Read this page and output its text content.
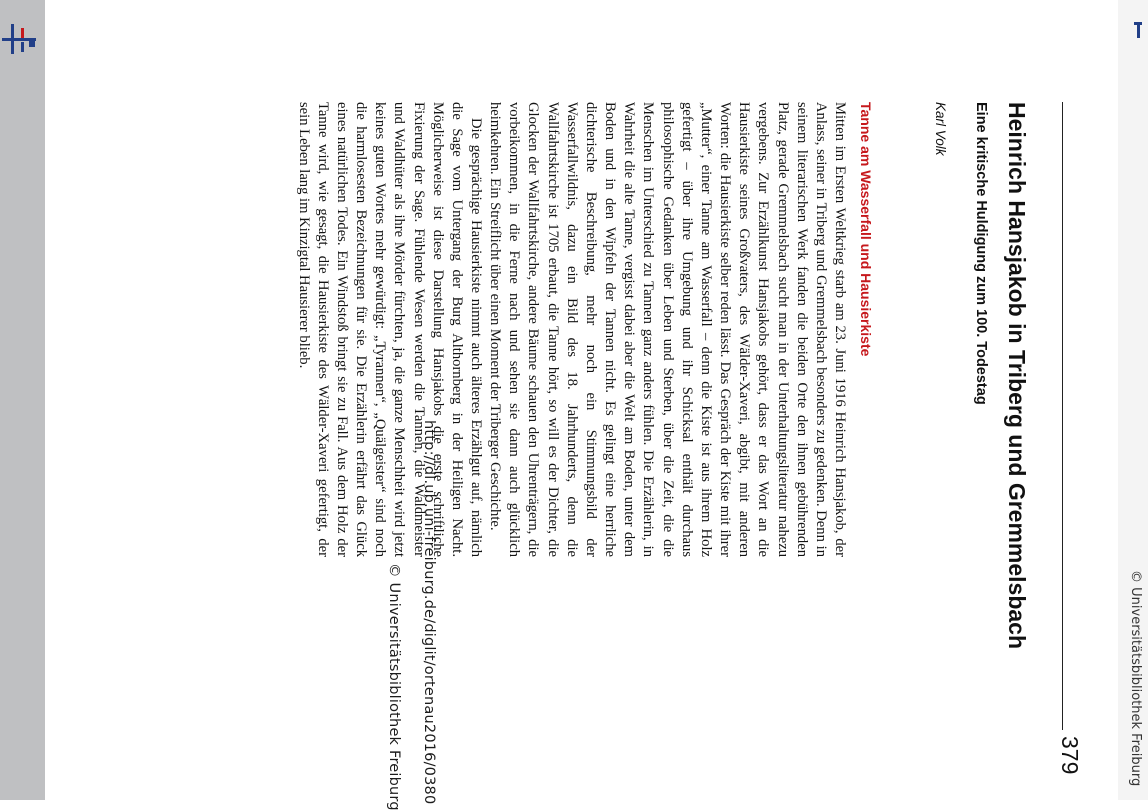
© Universitätsbibliothek Freiburg
http://dl.ub.uni-freiburg.de/diglit/ortenau2016/0380
© Universitätsbibliothek Freiburg	379
Heinrich Hansjakob in Triberg und Gremmelsbach
Eine kritische Huldigung zum 100. Todestag
Karl Volk
Tanne am Wasserfall und Hausierkiste

Mitten im Ersten Weltkrieg starb am 23. Juni 1916 Heinrich Hansjakob, der Anlass, seiner in Triberg und Gremmelsbach besonders zu gedenken. Denn in seinem literarischen Werk fanden die beiden Orte den ihnen gebührenden Platz, gerade Gremmelsbach sucht man in der Unterhaltungsliteratur nahezu vergebens. Zur Erzählkunst Hansjakobs gehört, dass er das Wort an die Hausierkiste seines Großvaters, des Wälder-Xaveri, abgibt, mit anderen Worten: die Hausierkiste selber reden lässt. Das Gespräch der Kiste mit ihrer „Mutter“, einer Tanne am Wasserfall – denn die Kiste ist aus ihrem Holz gefertigt – über ihre Umgebung und ihr Schicksal enthält durchaus philosophische Gedanken über Leben und Sterben, über die Zeit, die die Menschen im Unterschied zu Tannen ganz anders fühlen. Die Erzählerin, in Wahrheit die alte Tanne, vergisst dabei aber die Welt am Boden, unter dem Boden und in den Wipfeln der Tannen nicht. Es gelingt eine herrliche dichterische Beschreibung, mehr noch ein Stimmungsbild der Wasserfallwildnis, dazu ein Bild des 18. Jahrhunderts, denn die Wallfahrtskirche ist 1705 erbaut, die Tanne hört, so will es der Dichter, die Glocken der Wallfahrtskirche, andere Bäume schauen den Uhrenträgern, die vorbeikommen, in die Ferne nach und sehen sie dann auch glücklich heimkehren. Ein Streiflicht über einen Moment der Triberger Geschichte.

Die gesprächige Hausierkiste nimmt auch älteres Erzählgut auf, nämlich die Sage vom Untergang der Burg Althornberg in der Heiligen Nacht. Möglicherweise ist diese Darstellung Hansjakobs die erste schriftliche Fixierung der Sage. Fühlende Wesen werden die Tannen, die Waldmeister und Waldhüter als ihre Mörder fürchten, ja, die ganze Menschheit wird jetzt keines guten Wortes mehr gewürdigt: „Tyrannen“, „Quälgeister“ sind noch die harmlosesten Bezeichnungen für sie. Die Erzählerin erfährt das Glück eines natürlichen Todes. Ein Windstoß bringt sie zu Fall. Aus dem Holz der Tanne wird, wie gesagt, die Hausierkiste des Wälder-Xaveri gefertigt, der sein Leben lang im Kinzigtal Hausierer blieb.
